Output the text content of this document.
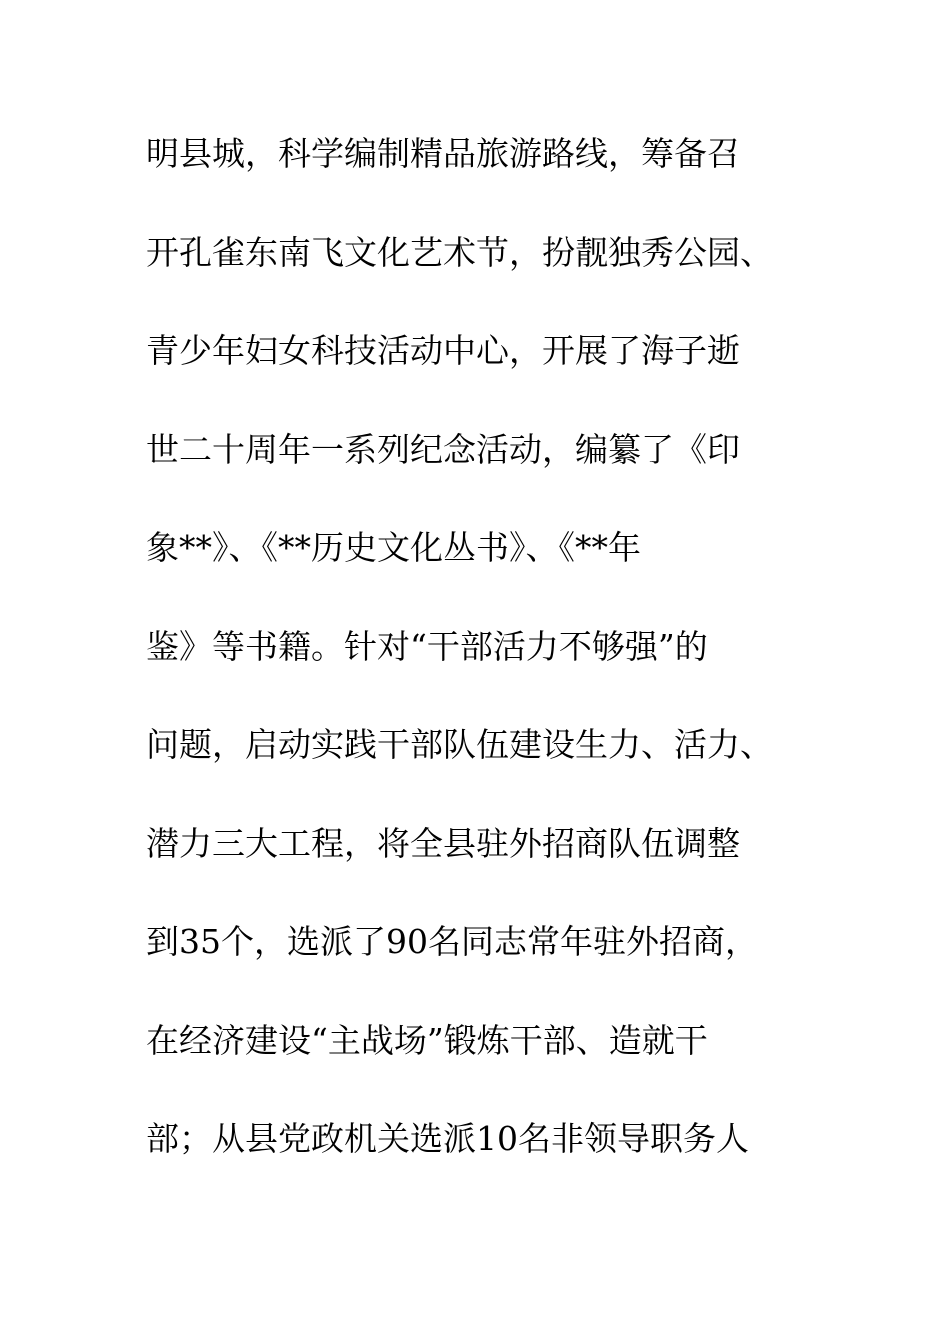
明县城，科学编制精品旅游路线，筹备召
开孔雀东南飞文化艺术节，扮靓独秀公园、
青少年妇女科技活动中心，开展了海子逝
世二十周年一系列纪念活动，编纂了《印
象**》、《**历史文化丛书》、《**年
鉴》等书籍。针对“干部活力不够强”的
问题，启动实践干部队伍建设生力、活力、
潜力三大工程，将全县驻外招商队伍调整
到35个，选派了90名同志常年驻外招商，
在经济建设“主战场”锻炼干部、造就干
部；从县党政机关选派10名非领导职务人
